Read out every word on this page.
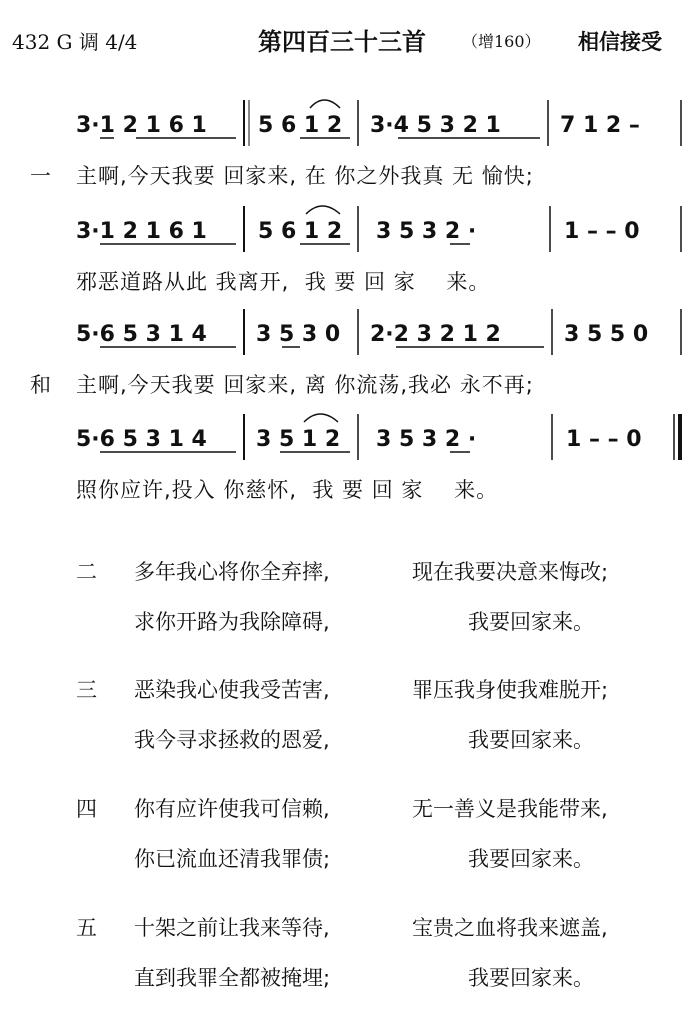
432 G 调 4/4	第四百三十三首 （增160） 相信接受
3·1 2 1 6 1 5 6 1 2 3·4 5 3 2 1	7 1 2 –
3·1 2 1 6 1 5 6 1 2 3 5 3 2 ·	1 – – 0
5·6 5 3 1 4 3 5 3 0 2·2 3 2 1 2	3 5 5 0
5·6 5 3 1 4 3 5 1 2 3 5 3 2 ·	1 – – 0
一 主啊,今天我要 回家来, 在 你之外我真 无 愉快;
邪恶道路从此 我离开,  我 要 回 家    来。
和 主啊,今天我要 回家来, 离 你流荡,我必 永不再;
照你应许,投入 你慈怀,  我 要 回 家    来。
二 多年我心将你全弃摔,	现在我要决意来悔改;
求你开路为我除障碍,	我要回家来。
三 恶染我心使我受苦害,	罪压我身使我难脱开;
我今寻求拯救的恩爱,	我要回家来。
四 你有应许使我可信赖,	无一善义是我能带来,
你已流血还清我罪债;	我要回家来。
五 十架之前让我来等待,	宝贵之血将我来遮盖,
直到我罪全都被掩埋;	我要回家来。
